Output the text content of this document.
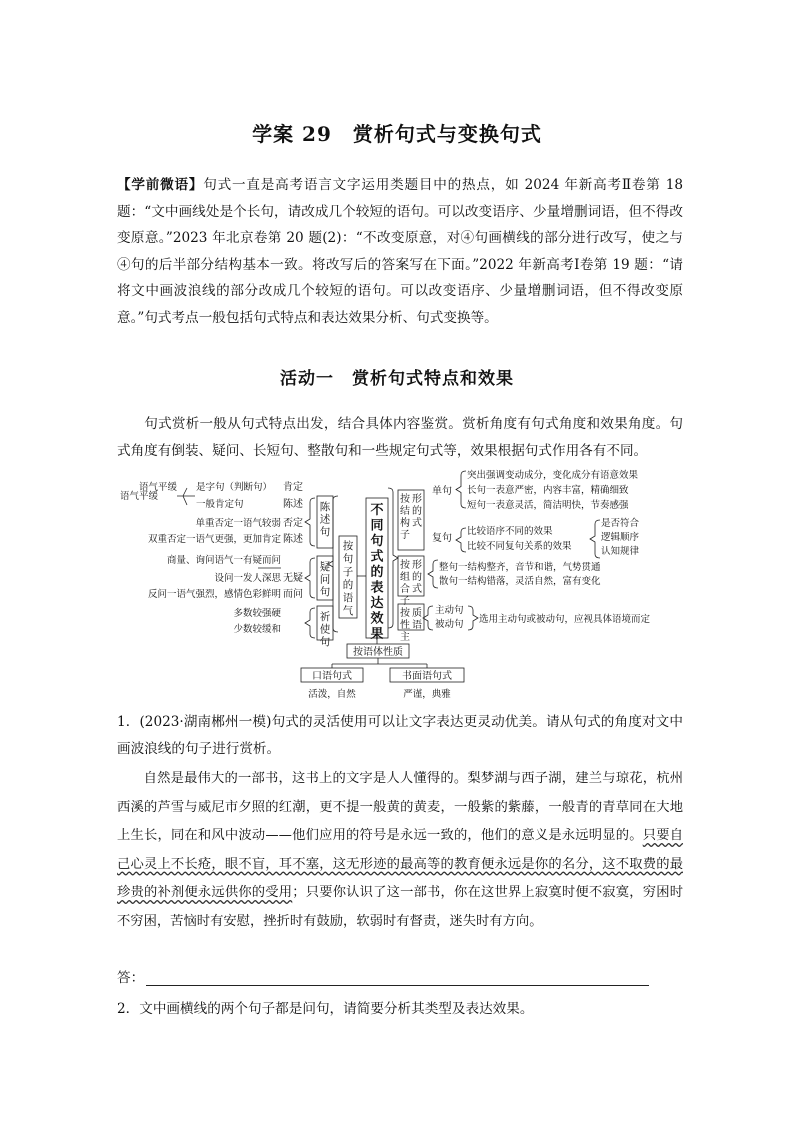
学案 29　赏析句式与变换句式
【学前微语】句式一直是高考语言文字运用类题目中的热点，如 2024 年新高考Ⅱ卷第 18 题：“文中画线处是个长句，请改成几个较短的语句。可以改变语序、少量增删词语，但不得改变原意。”2023 年北京卷第 20 题(2)：“不改变原意，对④句画横线的部分进行改写，使之与④句的后半部分结构基本一致。将改写后的答案写在下面。”2022 年新高考Ⅰ卷第 19 题：“请将文中画波浪线的部分改成几个较短的语句。可以改变语序、少量增删词语，但不得改变原意。”句式考点一般包括句式特点和表达效果分析、句式变换等。
活动一　赏析句式特点和效果
句式赏析一般从句式特点出发，结合具体内容鉴赏。赏析角度有句式角度和效果角度。句式角度有倒装、疑问、长短句、整散句和一些规定句式等，效果根据句式作用各有不同。
不
同
句
式
的
表
达
效
果
按
句
子
的
语
气
陈
述
句
肯定
是字句（判断句）
语气平缓
陈述
一般肯定句
否定
单重否定一语气较弱
陈述
双重否定一语气更强，更加肯定
疑
问
句
商量、询问语气一有疑而问
无疑
设问一发人深思
而问
反问一语气强烈，感情色彩鲜明
祈
使
句
多数较强硬
少数较缓和
语气平缓	按
结
构
子
形
的
式
按
组
合
子
形
的
式
按
性
主
质
语
单句
突出强调变动成分，变化成分有语意效果
长句一表意严密，内容丰富，精确细致
短句一表意灵活，简洁明快，节奏感强
复句
比较语序不同的效果
比较不同复句关系的效果
是否符合
逻辑顺序
认知规律
整句一结构整齐，音节和谐，气势贯通
散句一结构错落，灵活自然，富有变化
主动句
被动句 选用主动句或被动句，应视具体语境而定
按语体性质
口语句式	书面语句式
活泼，自然	严谨，典雅
1．(2023·湖南郴州一模)句式的灵活使用可以让文字表达更灵动优美。请从句式的角度对文中画波浪线的句子进行赏析。
自然是最伟大的一部书，这书上的文字是人人懂得的。梨梦湖与西子湖，建兰与琼花，杭州西溪的芦雪与威尼市夕照的红潮，更不提一般黄的黄麦，一般紫的紫藤，一般青的青草同在大地上生长，同在和风中波动——他们应用的符号是永远一致的，他们的意义是永远明显的。只要自己心灵上不长疮，眼不盲，耳不塞，这无形迹的最高等的教育便永远是你的名分，这不取费的最珍贵的补剂便永远供你的受用；只要你认识了这一部书，你在这世界上寂寞时便不寂寞，穷困时不穷困，苦恼时有安慰，挫折时有鼓励，软弱时有督责，迷失时有方向。
答：
2．文中画横线的两个句子都是问句，请简要分析其类型及表达效果。
